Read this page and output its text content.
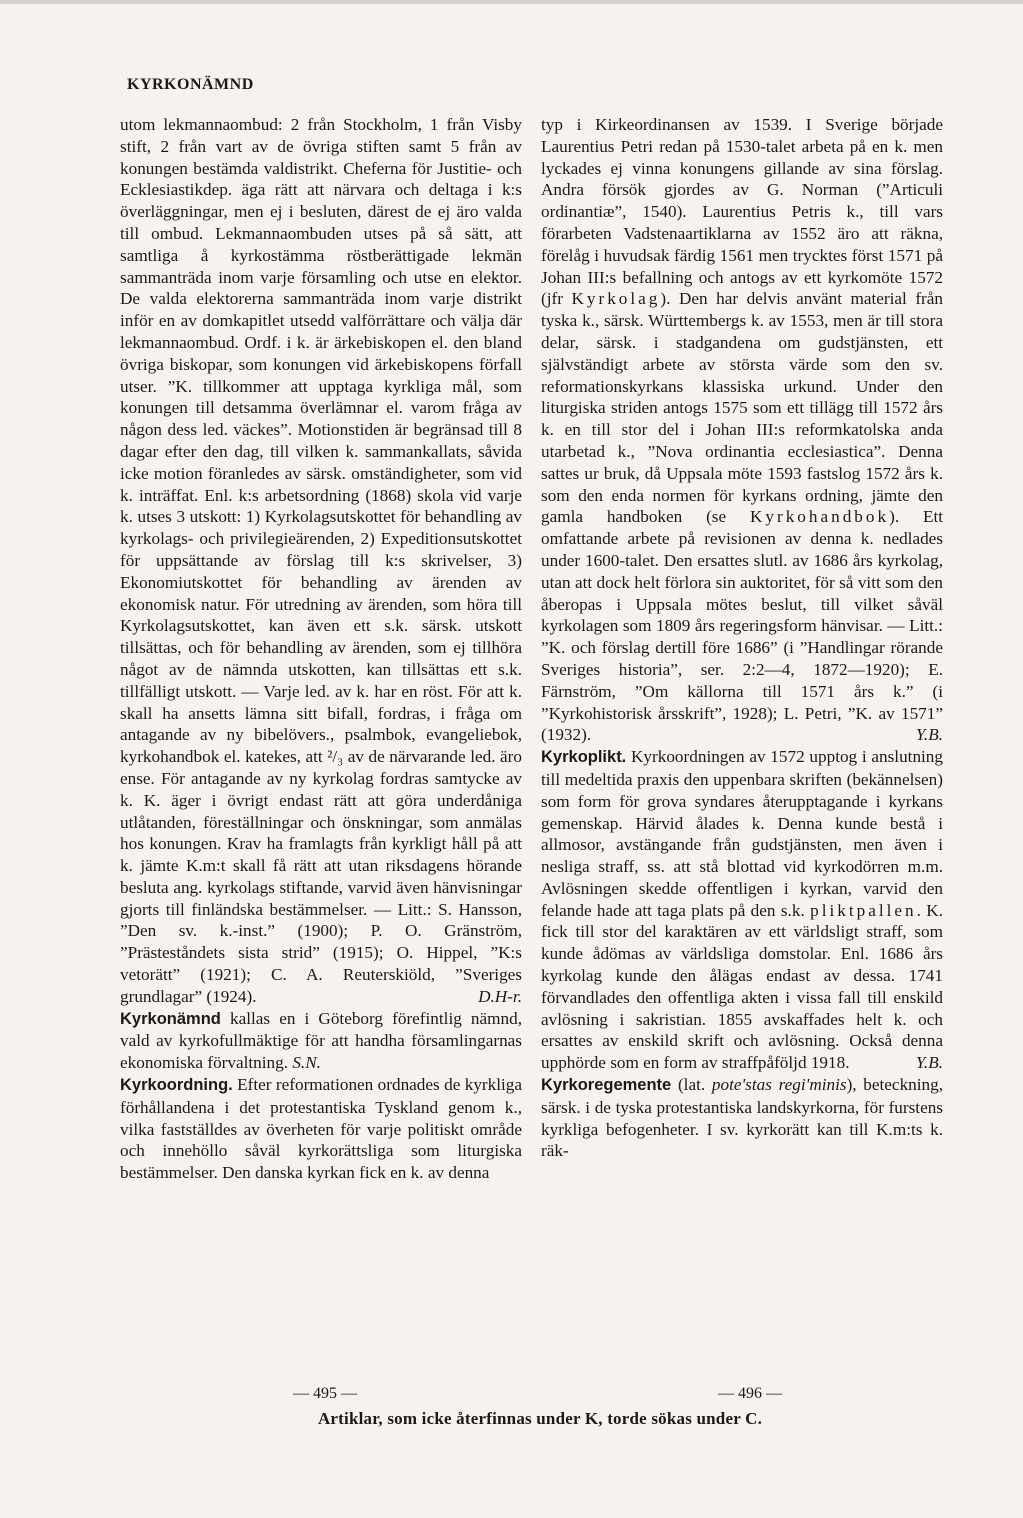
KYRKONÄMND

utom lekmannaombud: 2 från Stockholm, 1 från Visby stift, 2 från vart av de övriga stiften samt 5 från av konungen bestämda valdistrikt. Cheferna för Justitie- och Ecklesiastikdep. äga rätt att närvara och deltaga i k:s överläggningar, men ej i besluten, därest de ej äro valda till ombud. Lekmannaombuden utses på så sätt, att samtliga å kyrkostämma röstberättigade lekmän sammanträda inom varje församling och utse en elektor. De valda elektorerna sammanträda inom varje distrikt inför en av domkapitlet utsedd valförrättare och välja där lekmannaombud. Ordf. i k. är ärkebiskopen el. den bland övriga biskopar, som konungen vid ärkebiskopens förfall utser. ”K. tillkommer att upptaga kyrkliga mål, som konungen till detsamma överlämnar el. varom fråga av någon dess led. väckes”. Motionstiden är begränsad till 8 dagar efter den dag, till vilken k. sammankallats, såvida icke motion föranledes av särsk. omständigheter, som vid k. inträffat. Enl. k:s arbetsordning (1868) skola vid varje k. utses 3 utskott: 1) Kyrkolagsutskottet för behandling av kyrkolags- och privilegieärenden, 2) Expeditionsutskottet för uppsättande av förslag till k:s skrivelser, 3) Ekonomiutskottet för behandling av ärenden av ekonomisk natur. För utredning av ärenden, som höra till Kyrkolagsutskottet, kan även ett s.k. särsk. utskott tillsättas, och för behandling av ärenden, som ej tillhöra något av de nämnda utskotten, kan tillsättas ett s.k. tillfälligt utskott. — Varje led. av k. har en röst. För att k. skall ha ansetts lämna sitt bifall, fordras, i fråga om antagande av ny bibelövers., psalmbok, evangeliebok, kyrkohandbok el. katekes, att ²/₃ av de närvarande led. äro ense. För antagande av ny kyrkolag fordras samtycke av k. K. äger i övrigt endast rätt att göra underdåniga utlåtanden, föreställningar och önskningar, som anmälas hos konungen. Krav ha framlagts från kyrkligt håll på att k. jämte K.m:t skall få rätt att utan riksdagens hörande besluta ang. kyrkolags stiftande, varvid även hänvisningar gjorts till finländska bestämmelser. — Litt.: S. Hansson, ”Den sv. k.-inst.” (1900); P. O. Gränström, ”Prästeståndets sista strid” (1915); O. Hippel, ”K:s vetorätt” (1921); C. A. Reuterskiöld, ”Sveriges grundlagar” (1924).	D.H-r.

Kyrkonämnd kallas en i Göteborg förefintlig nämnd, vald av kyrkofullmäktige för att handha församlingarnas ekonomiska förvaltning. S.N.

Kyrkoordning. Efter reformationen ordnades de kyrkliga förhållandena i det protestantiska Tyskland genom k., vilka fastställdes av överheten för varje politiskt område och innehöllo såväl kyrkorättsliga som liturgiska bestämmelser. Den danska kyrkan fick en k. av denna

typ i Kirkeordinansen av 1539. I Sverige började Laurentius Petri redan på 1530-talet arbeta på en k. men lyckades ej vinna konungens gillande av sina förslag. Andra försök gjordes av G. Norman (”Articuli ordinantiæ”, 1540). Laurentius Petris k., till vars förarbeten Vadstenaartiklarna av 1552 äro att räkna, förelåg i huvudsak färdig 1561 men trycktes först 1571 på Johan III:s befallning och antogs av ett kyrkomöte 1572 (jfr Kyrkolag). Den har delvis använt material från tyska k., särsk. Württembergs k. av 1553, men är till stora delar, särsk. i stadgandena om gudstjänsten, ett självständigt arbete av största värde som den sv. reformationskyrkans klassiska urkund. Under den liturgiska striden antogs 1575 som ett tillägg till 1572 års k. en till stor del i Johan III:s reformkatolska anda utarbetad k., ”Nova ordinantia ecclesiastica”. Denna sattes ur bruk, då Uppsala möte 1593 fastslog 1572 års k. som den enda normen för kyrkans ordning, jämte den gamla handboken (se Kyrkohandbok). Ett omfattande arbete på revisionen av denna k. nedlades under 1600-talet. Den ersattes slutl. av 1686 års kyrkolag, utan att dock helt förlora sin auktoritet, för så vitt som den åberopas i Uppsala mötes beslut, till vilket såväl kyrkolagen som 1809 års regeringsform hänvisar. — Litt.: ”K. och förslag dertill före 1686” (i ”Handlingar rörande Sveriges historia”, ser. 2:2—4, 1872—1920); E. Färnström, ”Om källorna till 1571 års k.” (i ”Kyrkohistorisk årsskrift”, 1928); L. Petri, ”K. av 1571” (1932).	Y.B.

Kyrkoplikt. Kyrkoordningen av 1572 upptog i anslutning till medeltida praxis den uppenbara skriften (bekännelsen) som form för grova syndares återupptagande i kyrkans gemenskap. Härvid ålades k. Denna kunde bestå i allmosor, avstängande från gudstjänsten, men även i nesliga straff, ss. att stå blottad vid kyrkodörren m.m. Avlösningen skedde offentligen i kyrkan, varvid den felande hade att taga plats på den s.k. pliktpallen. K. fick till stor del karaktären av ett världsligt straff, som kunde ådömas av världsliga domstolar. Enl. 1686 års kyrkolag kunde den ålägas endast av dessa. 1741 förvandlades den offentliga akten i vissa fall till enskild avlösning i sakristian. 1855 avskaffades helt k. och ersattes av enskild skrift och avlösning. Också denna upphörde som en form av straffpåföljd 1918.	Y.B.

Kyrkoregemente (lat. pote'stas regi'minis), beteckning, särsk. i de tyska protestantiska landskyrkorna, för furstens kyrkliga befogenheter. I sv. kyrkorätt kan till K.m:ts k. räk-

— 495 —	— 496 —
Artiklar, som icke återfinnas under K, torde sökas under C.
